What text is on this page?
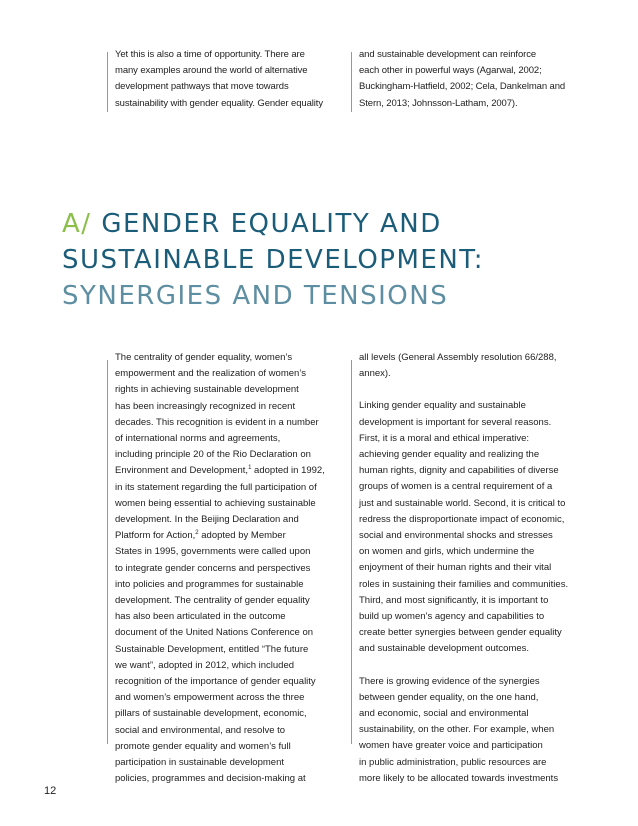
Yet this is also a time of opportunity. There are
many examples around the world of alternative
development pathways that move towards
sustainability with gender equality. Gender equality
and sustainable development can reinforce
each other in powerful ways (Agarwal, 2002;
Buckingham-Hatfield, 2002; Cela, Dankelman and
Stern, 2013; Johnsson-Latham, 2007).
A/ GENDER EQUALITY AND
SUSTAINABLE DEVELOPMENT:
SYNERGIES AND TENSIONS
The centrality of gender equality, women’s
empowerment and the realization of women’s
rights in achieving sustainable development
has been increasingly recognized in recent
decades. This recognition is evident in a number
of international norms and agreements,
including principle 20 of the Rio Declaration on
Environment and Development,$^1$ adopted in 1992,
in its statement regarding the full participation of
women being essential to achieving sustainable
development. In the Beijing Declaration and
Platform for Action,$^2$ adopted by Member
States in 1995, governments were called upon
to integrate gender concerns and perspectives
into policies and programmes for sustainable
development. The centrality of gender equality
has also been articulated in the outcome
document of the United Nations Conference on
Sustainable Development, entitled “The future
we want”, adopted in 2012, which included
recognition of the importance of gender equality
and women’s empowerment across the three
pillars of sustainable development, economic,
social and environmental, and resolve to
promote gender equality and women’s full
participation in sustainable development
policies, programmes and decision-making at

all levels (General Assembly resolution 66/288,
annex).

Linking gender equality and sustainable
development is important for several reasons.
First, it is a moral and ethical imperative:
achieving gender equality and realizing the
human rights, dignity and capabilities of diverse
groups of women is a central requirement of a
just and sustainable world. Second, it is critical to
redress the disproportionate impact of economic,
social and environmental shocks and stresses
on women and girls, which undermine the
enjoyment of their human rights and their vital
roles in sustaining their families and communities.
Third, and most significantly, it is important to
build up women’s agency and capabilities to
create better synergies between gender equality
and sustainable development outcomes.

There is growing evidence of the synergies
between gender equality, on the one hand,
and economic, social and environmental
sustainability, on the other. For example, when
women have greater voice and participation
in public administration, public resources are
more likely to be allocated towards investments

12
